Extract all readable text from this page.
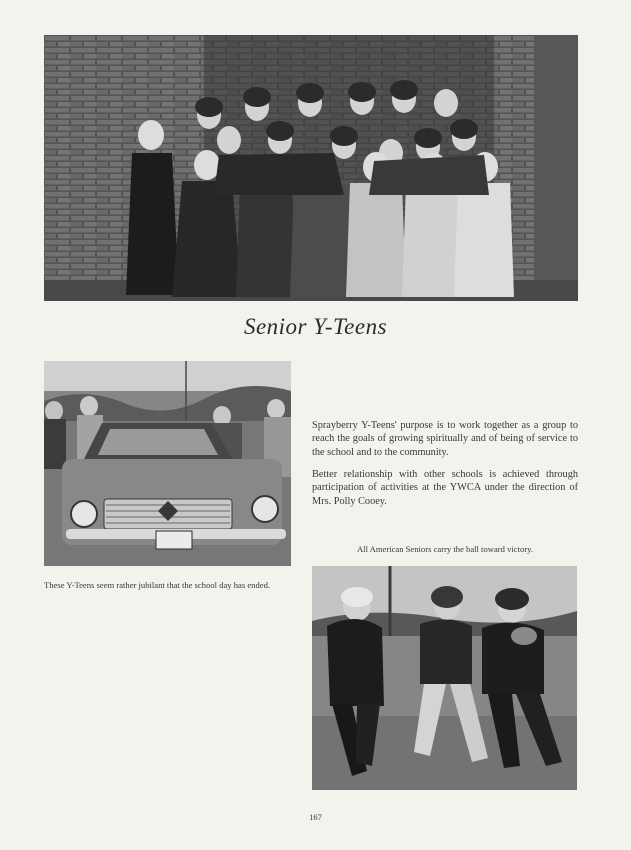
Senior Y-Teens

Sprayberry Y-Teens' purpose is to work together as a group to reach the goals of growing spiritually and of being of service to the school and to the community.

Better relationship with other schools is achieved through participation of activities at the YWCA under the direction of Mrs. Polly Cooey.

All American Seniors carry the ball toward victory.

These Y-Teens seem rather jubilant that the school day has ended.

167
